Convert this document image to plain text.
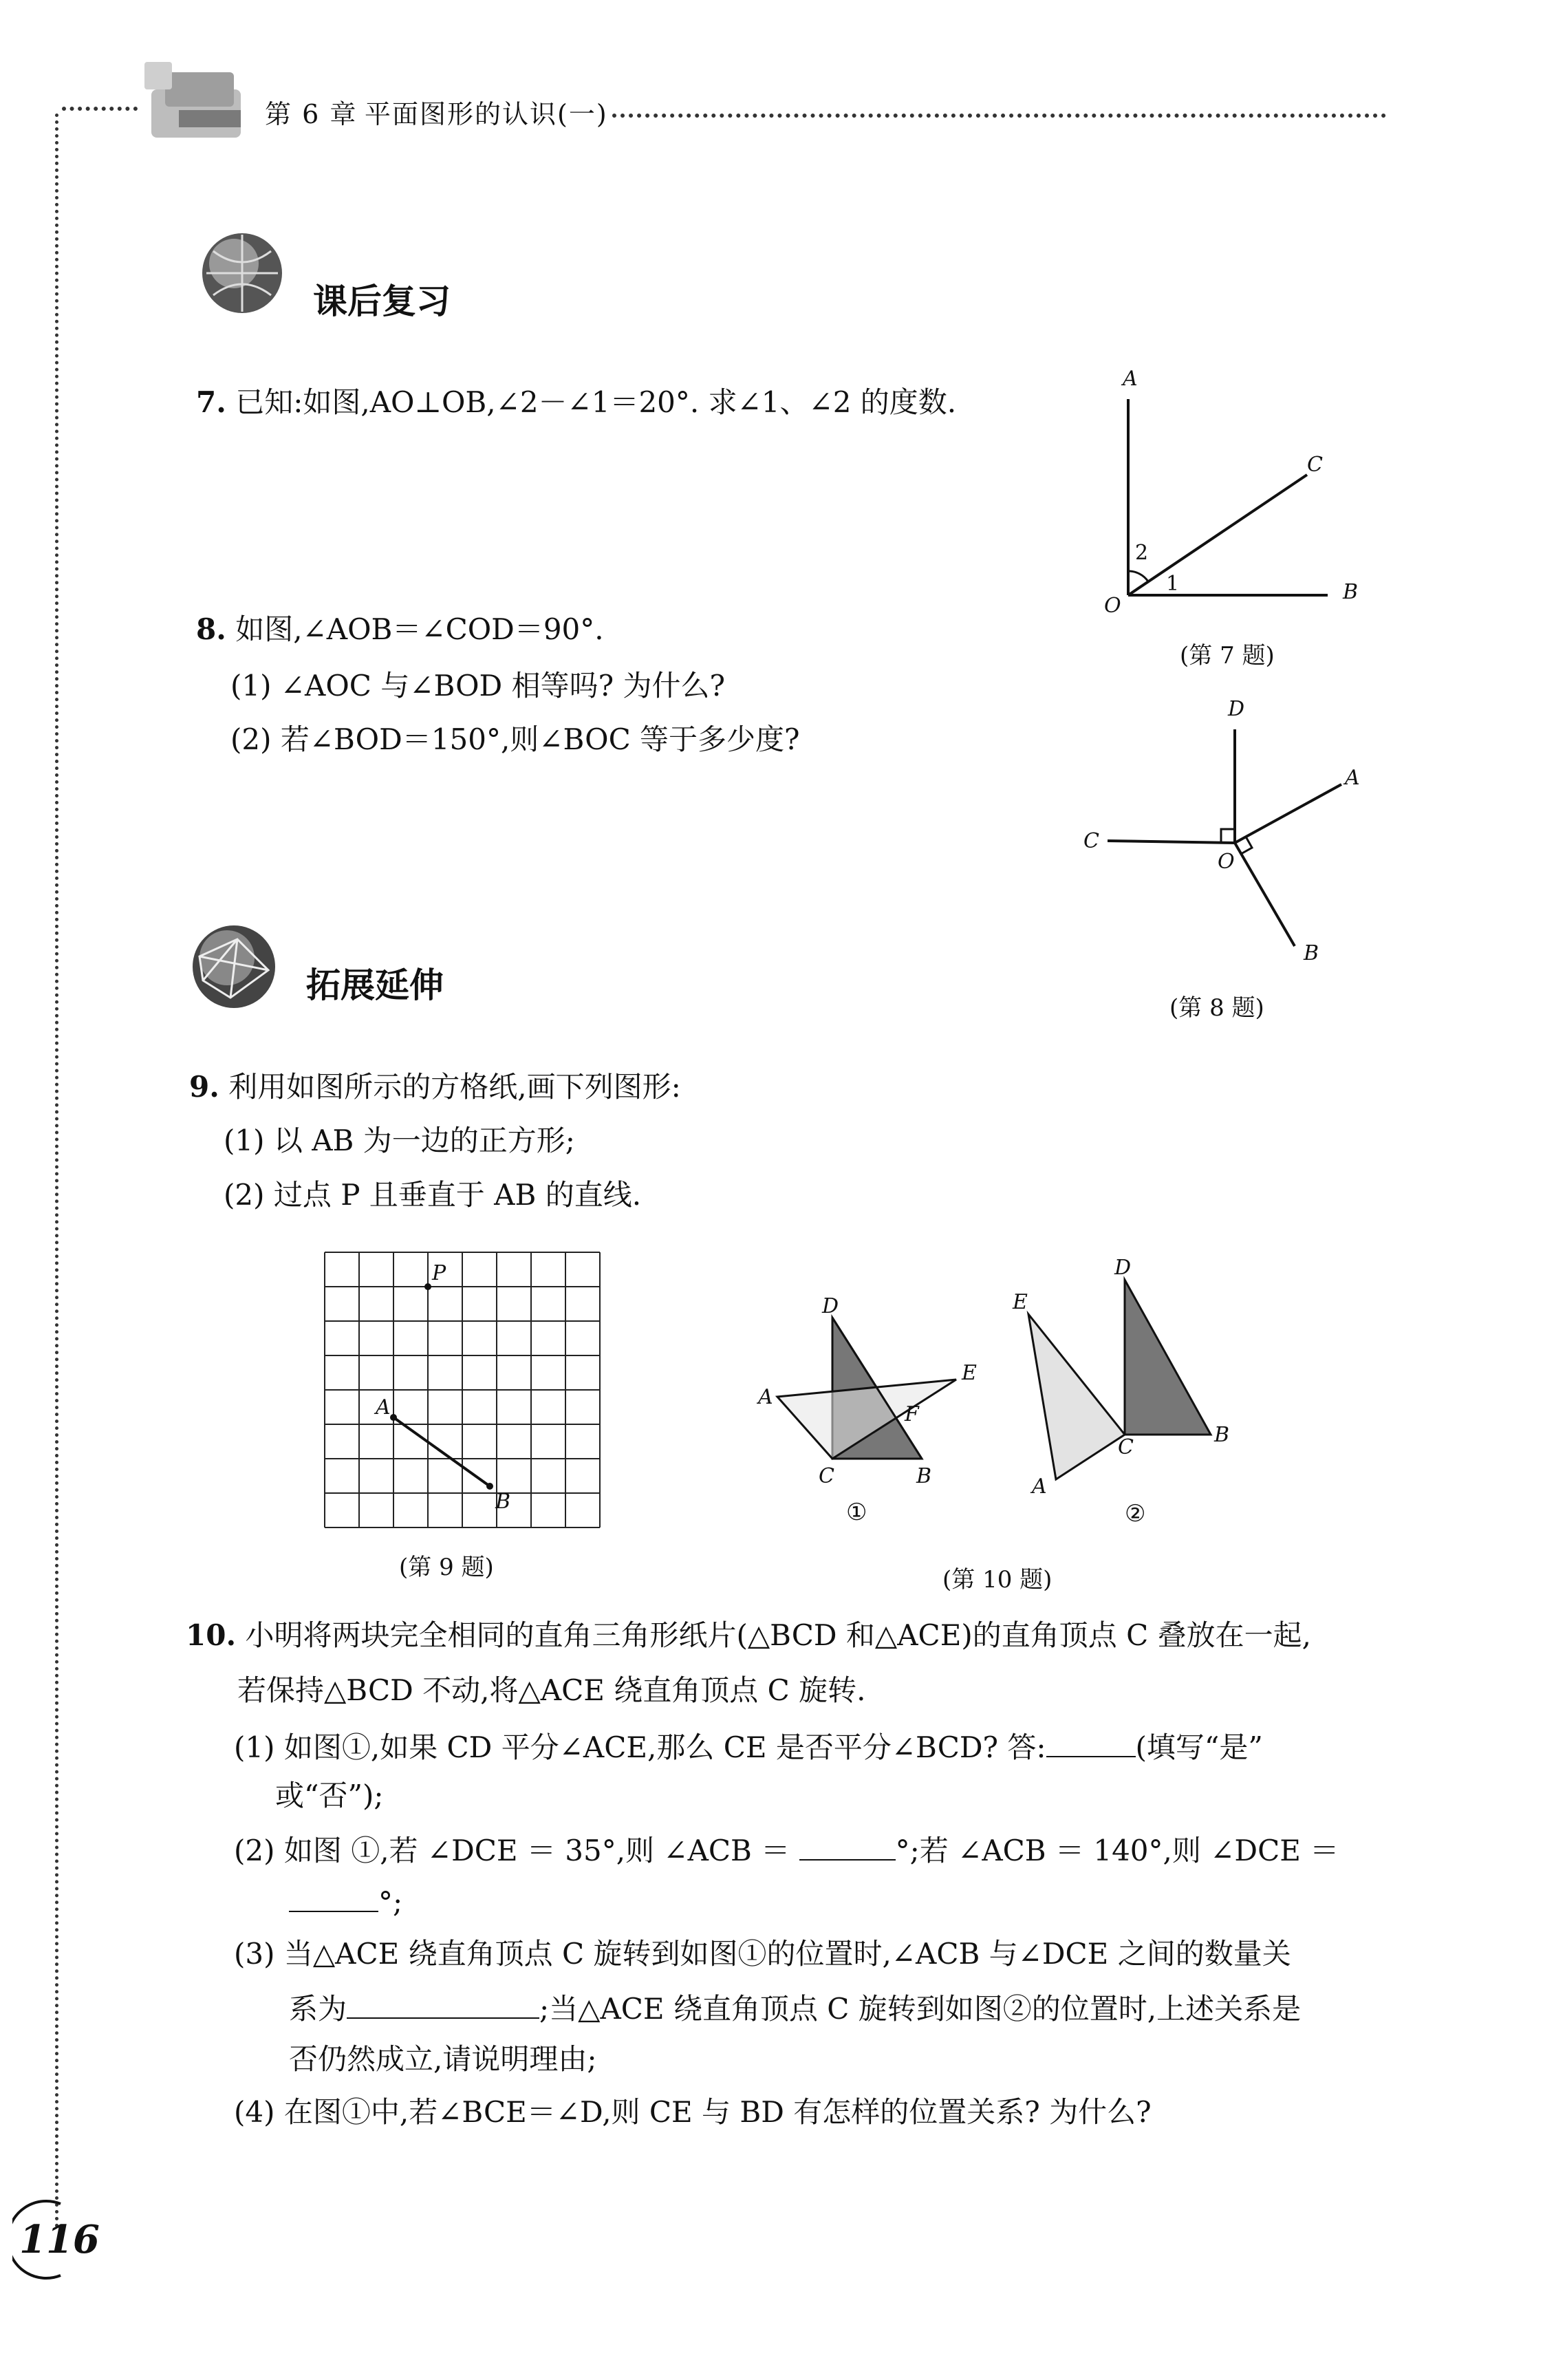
第 6 章 平面图形的认识(一)
课后复习
7. 已知:如图,AO⊥OB,∠2－∠1＝20°. 求∠1、∠2 的度数.
A
C
B
O
2
1
(第 7 题)
8. 如图,∠AOB＝∠COD＝90°.
(1) ∠AOC 与∠BOD 相等吗? 为什么?
(2) 若∠BOD＝150°,则∠BOC 等于多少度?
D
A
C
O
B
(第 8 题)
拓展延伸
9. 利用如图所示的方格纸,画下列图形:
(1) 以 AB 为一边的正方形;
(2) 过点 P 且垂直于 AB 的直线.
P
A
B
(第 9 题)
D
E
A
F
C	B
①
D
E
C
B
A
②
(第 10 题)
10. 小明将两块完全相同的直角三角形纸片(△BCD 和△ACE)的直角顶点 C 叠放在一起,
若保持△BCD 不动,将△ACE 绕直角顶点 C 旋转.
(1) 如图①,如果 CD 平分∠ACE,那么 CE 是否平分∠BCD? 答:	(填写“是”
或“否”);
(2) 如图 ①,若 ∠DCE ＝ 35°,则 ∠ACB ＝	°;若 ∠ACB ＝ 140°,则 ∠DCE ＝
°;
(3) 当△ACE 绕直角顶点 C 旋转到如图①的位置时,∠ACB 与∠DCE 之间的数量关
系为	;当△ACE 绕直角顶点 C 旋转到如图②的位置时,上述关系是
否仍然成立,请说明理由;
(4) 在图①中,若∠BCE＝∠D,则 CE 与 BD 有怎样的位置关系? 为什么?
116
